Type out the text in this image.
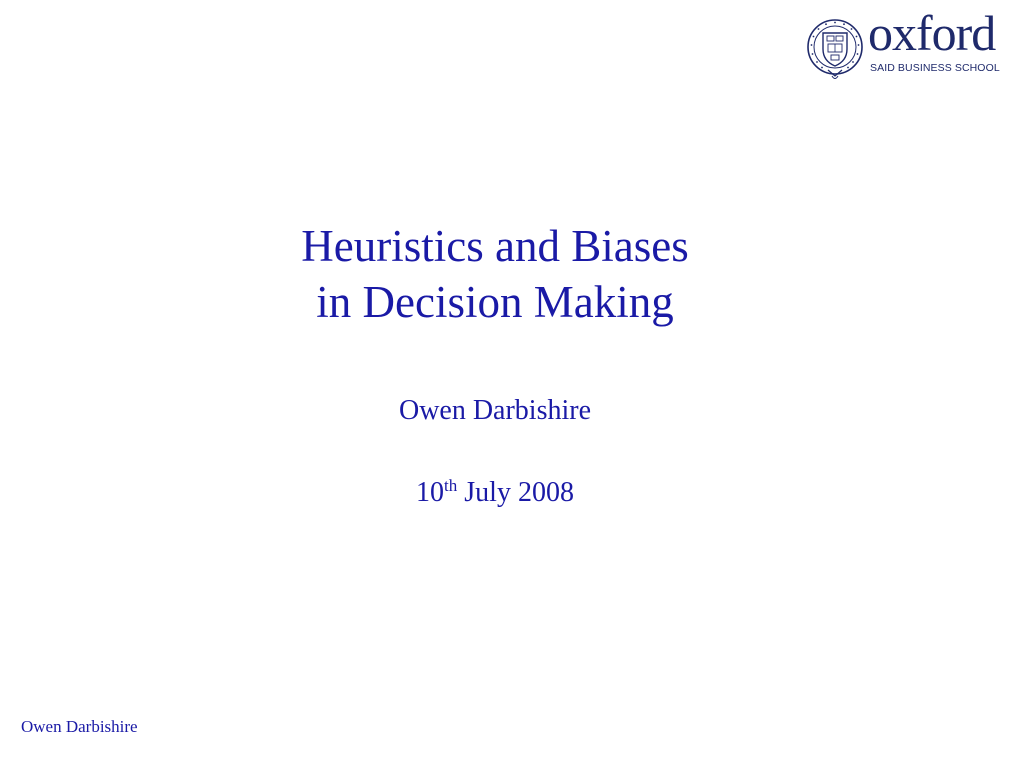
oxford
SAID BUSINESS SCHOOL
Heuristics and Biases
in Decision Making
Owen Darbishire
10th July 2008
Owen Darbishire
